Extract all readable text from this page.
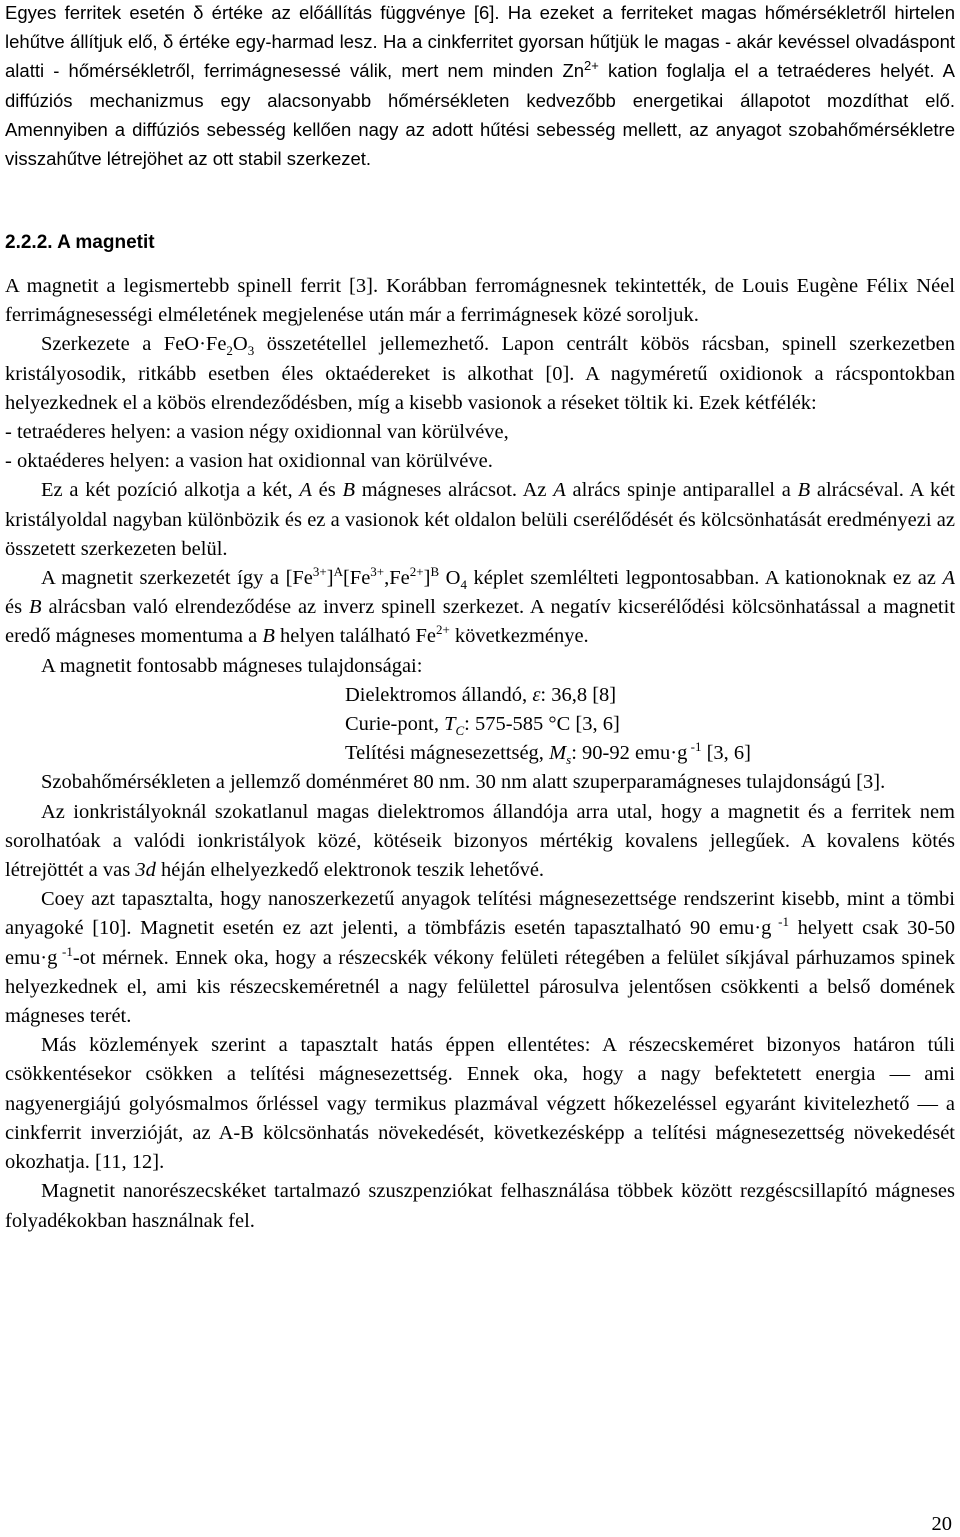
Egyes ferritek esetén δ értéke az előállítás függvénye [6]. Ha ezeket a ferriteket magas hőmérsékletről hirtelen lehűtve állítjuk elő, δ értéke egy-harmad lesz. Ha a cinkferritet gyorsan hűtjük le magas - akár kevéssel olvadáspont alatti - hőmérsékletről, ferrimágnesessé válik, mert nem minden $Zn^{2+}$ kation foglalja el a tetraéderes helyét. A diffúziós mechanizmus egy alacsonyabb hőmérsékleten kedvezőbb energetikai állapotot mozdíthat elő. Amennyiben a diffúziós sebesség kellően nagy az adott hűtési sebesség mellett, az anyagot szobahőmérsékletre visszahűtve létrejöhet az ott stabil szerkezet.

2.2.2. A magnetit

A magnetit a legismertebb spinell ferrit [3]. Korábban ferromágnesnek tekintették, de Louis Eugène Félix Néel ferrimágnesességi elméletének megjelenése után már a ferrimágnesek közé soroljuk.

Szerkezete a $FeO\cdot Fe_2O_3$ összetétellel jellemezhető. Lapon centrált köbös rácsban, spinell szerkezetben kristályosodik, ritkább esetben éles oktaédereket is alkothat [0]. A nagyméretű oxidionok a rácspontokban helyezkednek el a köbös elrendeződésben, míg a kisebb vasionok a réseket töltik ki. Ezek kétfélék:

- tetraéderes helyen: a vasion négy oxidionnal van körülvéve,

- oktaéderes helyen: a vasion hat oxidionnal van körülvéve.

Ez a két pozíció alkotja a két, A és B mágneses alrácsot. Az A alrács spinje antiparallel a B alrácséval. A két kristályoldal nagyban különbözik és ez a vasionok két oldalon belüli cserélődését és kölcsönhatását eredményezi az összetett szerkezeten belül.

A magnetit szerkezetét így a $[Fe^{3+}]^A[Fe^{3+},Fe^{2+}]^B$ $O_4$ képlet szemlélteti legpontosabban. A kationoknak ez az A és B alrácsban való elrendeződése az inverz spinell szerkezet. A negatív kicserélődési kölcsönhatással a magnetit eredő mágneses momentuma a B helyen található $Fe^{2+}$ következménye.

A magnetit fontosabb mágneses tulajdonságai:

Dielektromos állandó, ε: 36,8 [8]

Curie-pont, $T_C$: 575-585 °C [3, 6]

Telítési mágnesezettség, $M_s$: 90-92 emu·g $^{-1}$ [3, 6]

Szobahőmérsékleten a jellemző doménméret 80 nm. 30 nm alatt szuperparamágneses tulajdonságú [3].

Az ionkristályoknál szokatlanul magas dielektromos állandója arra utal, hogy a magnetit és a ferritek nem sorolhatóak a valódi ionkristályok közé, kötéseik bizonyos mértékig kovalens jellegűek. A kovalens kötés létrejöttét a vas 3d héján elhelyezkedő elektronok teszik lehetővé.

Coey azt tapasztalta, hogy nanoszerkezetű anyagok telítési mágnesezettsége rendszerint kisebb, mint a tömbi anyagoké [10]. Magnetit esetén ez azt jelenti, a tömbfázis esetén tapasztalható 90 emu·g $^{-1}$ helyett csak 30-50 emu·g $^{-1}$-ot mérnek. Ennek oka, hogy a részecskék vékony felületi rétegében a felület síkjával párhuzamos spinek helyezkednek el, ami kis részecskeméretnél a nagy felülettel párosulva jelentősen csökkenti a belső domének mágneses terét.

Más közlemények szerint a tapasztalt hatás éppen ellentétes: A részecskeméret bizonyos határon túli csökkentésekor csökken a telítési mágnesezettség. Ennek oka, hogy a nagy befektetett energia — ami nagyenergiájú golyósmalmos őrléssel vagy termikus plazmával végzett hőkezeléssel egyaránt kivitelezhető — a cinkferrit inverzióját, az A-B kölcsönhatás növekedését, következésképp a telítési mágnesezettség növekedését okozhatja. [11, 12].

Magnetit nanorészecskéket tartalmazó szuszpenziókat felhasználása többek között rezgéscsillapító mágneses folyadékokban használnak fel.

20
